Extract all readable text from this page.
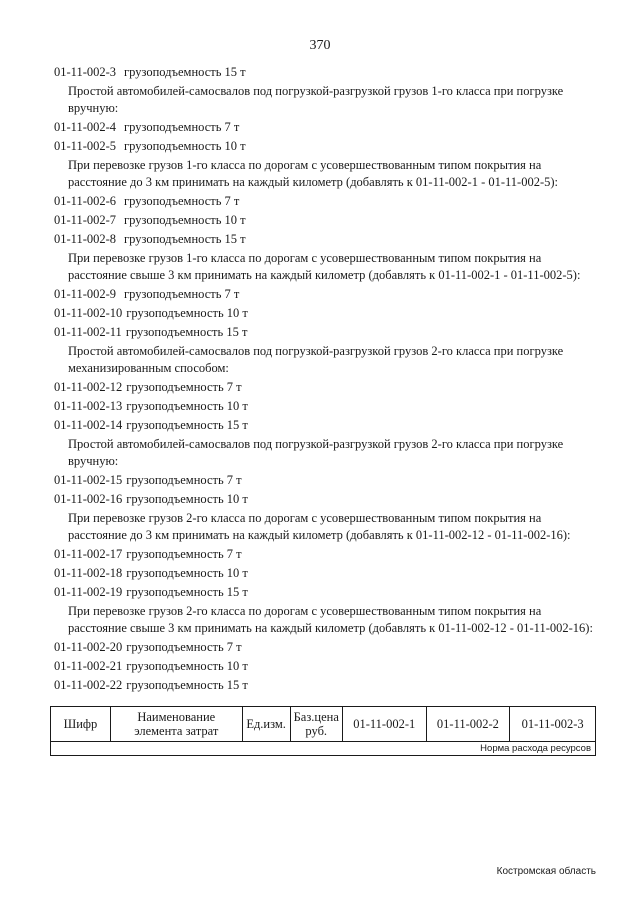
370
01-11-002-3 грузоподъемность 15 т
Простой автомобилей-самосвалов под погрузкой-разгрузкой грузов 1-го класса при погрузке вручную:
01-11-002-4 грузоподъемность 7 т
01-11-002-5 грузоподъемность 10 т
При перевозке грузов 1-го класса по дорогам с усовершествованным типом покрытия на расстояние до 3 км принимать на каждый километр (добавлять к 01-11-002-1 - 01-11-002-5):
01-11-002-6 грузоподъемность 7 т
01-11-002-7 грузоподъемность 10 т
01-11-002-8 грузоподъемность 15 т
При перевозке грузов 1-го класса по дорогам с усовершествованным типом покрытия на расстояние свыше 3 км принимать на каждый километр (добавлять к 01-11-002-1 - 01-11-002-5):
01-11-002-9 грузоподъемность 7 т
01-11-002-10 грузоподъемность 10 т
01-11-002-11 грузоподъемность 15 т
Простой автомобилей-самосвалов под погрузкой-разгрузкой грузов 2-го класса при погрузке механизированным способом:
01-11-002-12 грузоподъемность 7 т
01-11-002-13 грузоподъемность 10 т
01-11-002-14 грузоподъемность 15 т
Простой автомобилей-самосвалов под погрузкой-разгрузкой грузов 2-го класса при погрузке вручную:
01-11-002-15 грузоподъемность 7 т
01-11-002-16 грузоподъемность 10 т
При перевозке грузов 2-го класса по дорогам с усовершествованным типом покрытия на расстояние до 3 км принимать на каждый километр (добавлять к 01-11-002-12 - 01-11-002-16):
01-11-002-17 грузоподъемность 7 т
01-11-002-18 грузоподъемность 10 т
01-11-002-19 грузоподъемность 15 т
При перевозке грузов 2-го класса по дорогам с усовершествованным типом покрытия на расстояние свыше 3 км принимать на каждый километр (добавлять к 01-11-002-12 - 01-11-002-16):
01-11-002-20 грузоподъемность 7 т
01-11-002-21 грузоподъемность 10 т
01-11-002-22 грузоподъемность 15 т
Шифр	Наименование элемента затрат	Ед.изм.	Баз.цена руб.	01-11-002-1	01-11-002-2	01-11-002-3
Норма расхода ресурсов
Костромская область
